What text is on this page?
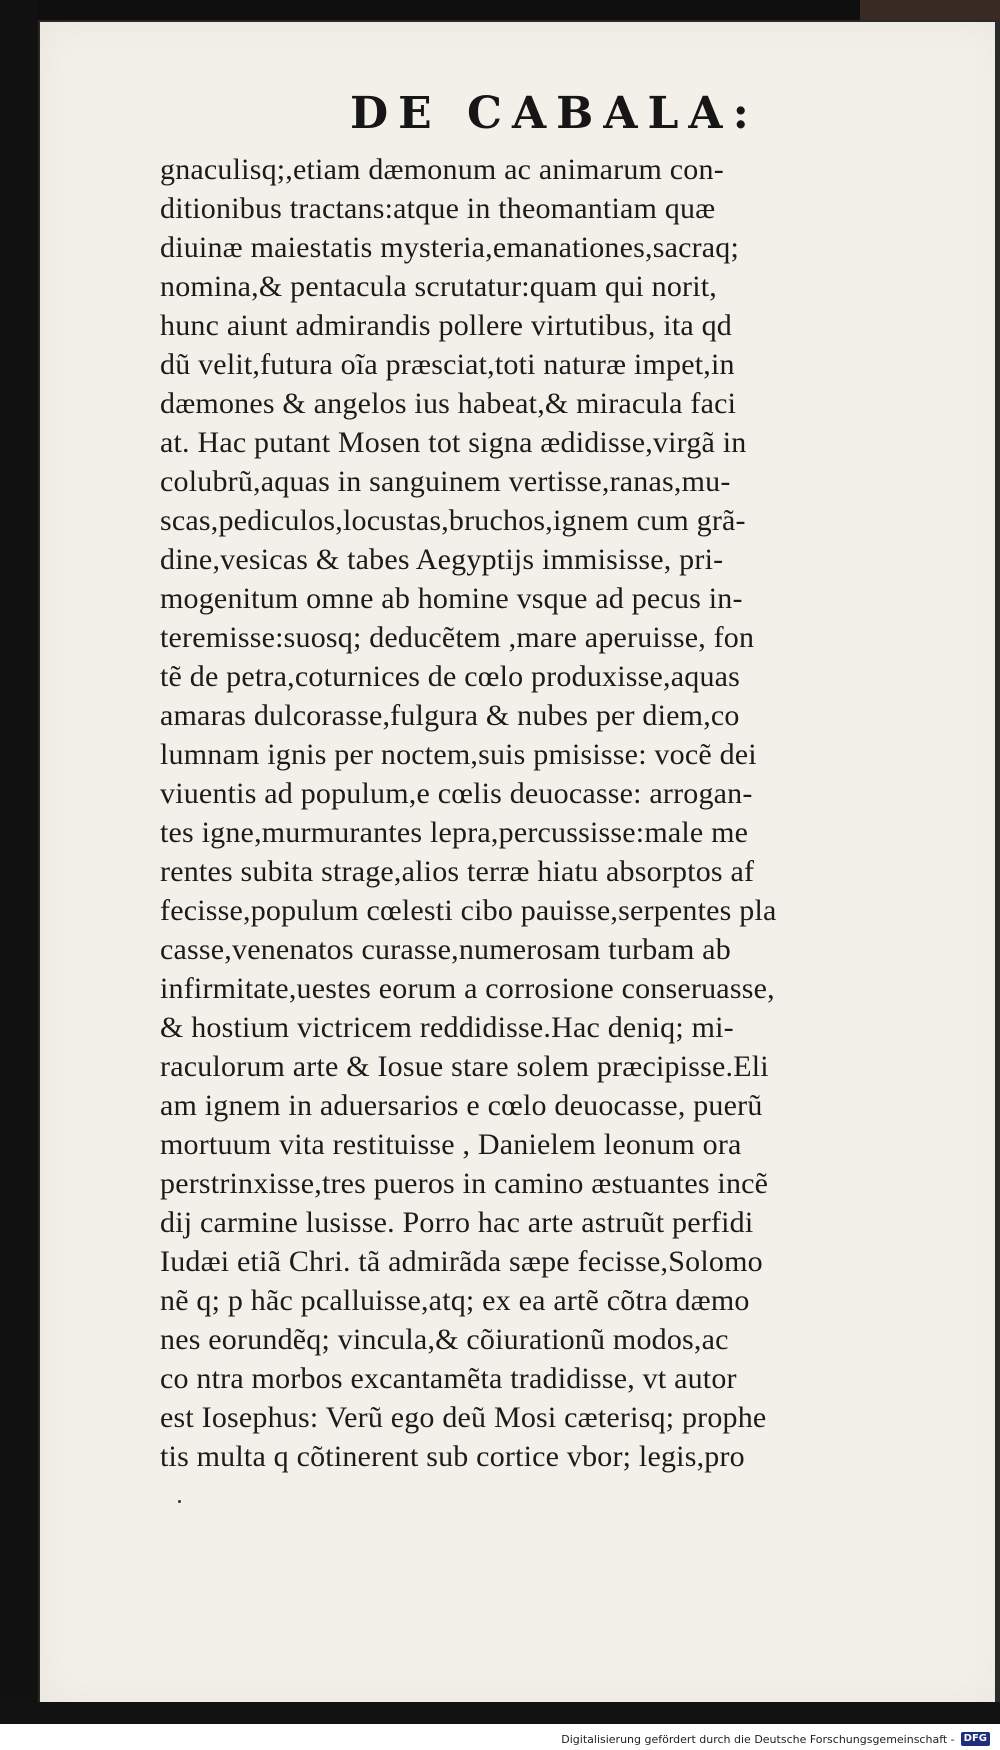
DE CABALA:
gnaculisq;,etiam dæmonum ac animarum con-
ditionibus tractans:atque in theomantiam quæ
diuinæ maiestatis mysteria,emanationes,sacraq;
nomina,& pentacula scrutatur:quam qui norit,
hunc aiunt admirandis pollere virtutibus, ita qd
dũ velit,futura oĩa præsciat,toti naturæ impet,in
dæmones & angelos ius habeat,& miracula faci
at. Hac putant Mosen tot signa ædidisse,virgã in
colubrũ,aquas in sanguinem vertisse,ranas,mu-
scas,pediculos,locustas,bruchos,ignem cum grã-
dine,vesicas & tabes Aegyptijs immisisse, pri-
mogenitum omne ab homine vsque ad pecus in-
teremisse:suosq; deducẽtem ,mare aperuisse, fon
tẽ de petra,coturnices de cœlo produxisse,aquas
amaras dulcorasse,fulgura & nubes per diem,co
lumnam ignis per noctem,suis pmisisse: vocẽ dei
viuentis ad populum,e cœlis deuocasse: arrogan-
tes igne,murmurantes lepra,percussisse:male me
rentes subita strage,alios terræ hiatu absorptos af
fecisse,populum cœlesti cibo pauisse,serpentes pla
casse,venenatos curasse,numerosam turbam ab
infirmitate,uestes eorum a corrosione conseruasse,
& hostium victricem reddidisse.Hac deniq; mi-
raculorum arte & Iosue stare solem præcipisse.Eli
am ignem in aduersarios e cœlo deuocasse, puerũ
mortuum vita restituisse , Danielem leonum ora
perstrinxisse,tres pueros in camino æstuantes incẽ
dij carmine lusisse. Porro hac arte astruũt perfidi
Iudæi etiã Chri. tã admirãda sæpe fecisse,Solomo
nẽ q; p hãc pcalluisse,atq; ex ea artẽ cõtra dæmo
nes eorundẽq; vincula,& cõiurationũ modos,ac
co ntra morbos excantamẽta tradidisse, vt autor
est Iosephus: Verũ ego deũ Mosi cæterisq; prophe
tis multa q cõtinerent sub cortice vbor; legis,pro
Digitalisierung gefördert durch die Deutsche Forschungsgemeinschaft - DFG
